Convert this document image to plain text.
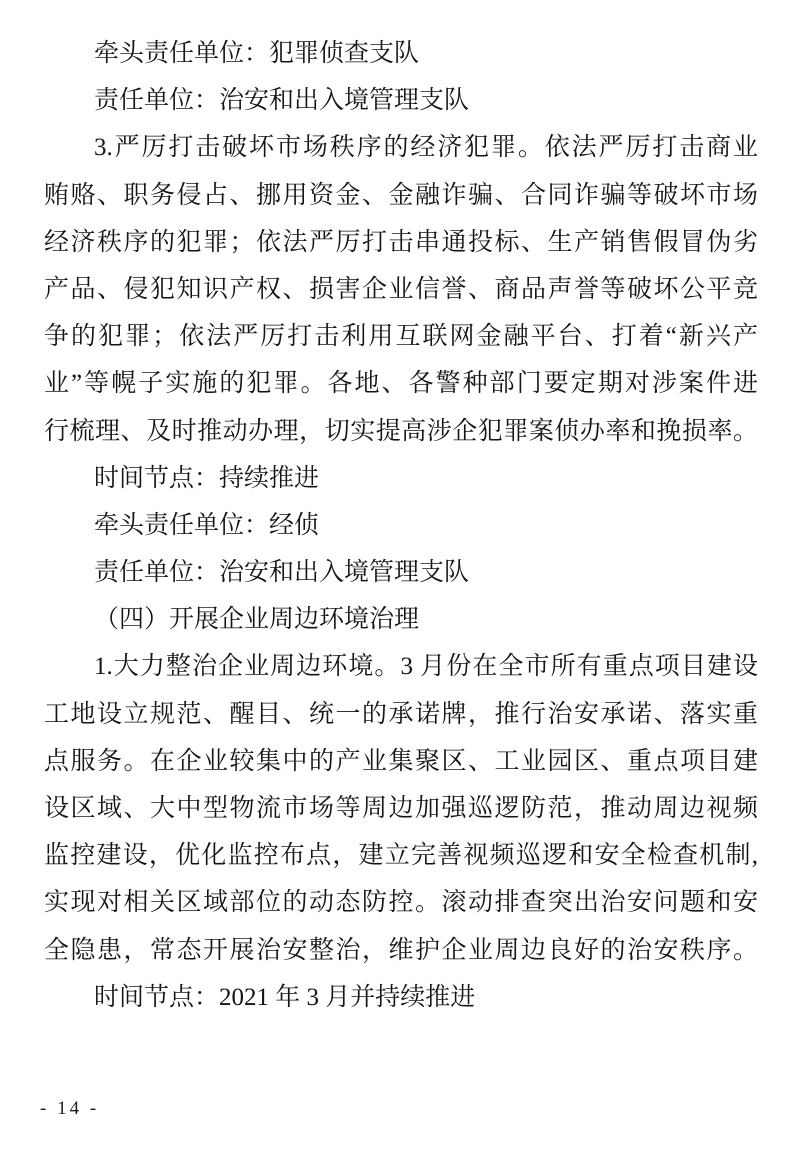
牵头责任单位：犯罪侦查支队
责任单位：治安和出入境管理支队
3.严厉打击破坏市场秩序的经济犯罪。依法严厉打击商业
贿赂、职务侵占、挪用资金、金融诈骗、合同诈骗等破坏市场
经济秩序的犯罪；依法严厉打击串通投标、生产销售假冒伪劣
产品、侵犯知识产权、损害企业信誉、商品声誉等破坏公平竞
争的犯罪；依法严厉打击利用互联网金融平台、打着“新兴产
业”等幌子实施的犯罪。各地、各警种部门要定期对涉案件进
行梳理、及时推动办理，切实提高涉企犯罪案侦办率和挽损率。
时间节点：持续推进
牵头责任单位：经侦
责任单位：治安和出入境管理支队
（四）开展企业周边环境治理
1.大力整治企业周边环境。3 月份在全市所有重点项目建设
工地设立规范、醒目、统一的承诺牌，推行治安承诺、落实重
点服务。在企业较集中的产业集聚区、工业园区、重点项目建
设区域、大中型物流市场等周边加强巡逻防范，推动周边视频
监控建设，优化监控布点，建立完善视频巡逻和安全检查机制,
实现对相关区域部位的动态防控。滚动排查突出治安问题和安
全隐患，常态开展治安整治，维护企业周边良好的治安秩序。
时间节点：2021 年 3 月并持续推进
- 14 -
